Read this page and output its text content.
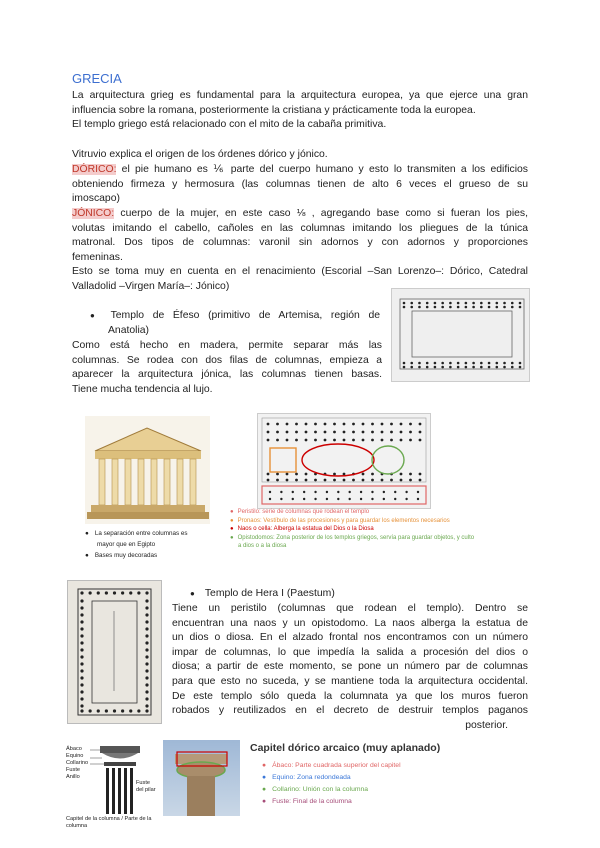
GRECIA
La arquitectura grieg es fundamental para la arquitectura europea, ya que ejerce una gran
influencia sobre la romana, posteriormente la cristiana y prácticamente toda la europea.
El templo griego está relacionado con el mito de la cabaña primitiva.
Vitruvio explica el origen de los órdenes dórico y jónico.
DÓRICO: el pie humano es ⅙ parte del cuerpo humano y esto lo transmiten a los edificios
obteniendo firmeza y hermosura (las columnas tienen de alto 6 veces el grueso de su
imoscapo)
JÓNICO: cuerpo de la mujer, en este caso ⅛ , agregando base como si fueran los pies,
volutas imitando el cabello, cañoles en las columnas imitando los pliegues de la túnica
matronal. Dos tipos de columnas: varonil sin adornos y con adornos y proporciones
femeninas.
Esto se toma muy en cuenta en el renacimiento (Escorial –San Lorenzo–: Dórico, Catedral
Valladolid –Virgen María–: Jónico)
● Templo de Éfeso (primitivo de Artemisa, región de
Anatolia)
Como está hecho en madera, permite separar más las
columnas. Se rodea con dos filas de columnas, empieza a
aparecer la arquitectura jónica, las columnas tienen basas.
Tiene mucha tendencia al lujo.
● La separación entre columnas es
mayor que en Egipto
● Bases muy decoradas
● Peristilo: serie de columnas que rodean el templo
● Pronaos: Vestíbulo de las procesiones y para guardar los elementos necesarios
● Naos o cella: Alberga la estatua del Dios o la Diosa
● Opistodomos: Zona posterior de los templos griegos, servía para guardar objetos, y culto
a dios o a la diosa
● Templo de Hera I (Paestum)
Tiene un peristilo (columnas que rodean el templo). Dentro se
encuentran una naos y un opistodomo. La naos alberga la estatua de
un dios o diosa. En el alzado frontal nos encontramos con un número
impar de columnas, lo que impedía la salida a procesión del dios o
diosa; a partir de este momento, se pone un número par de columnas
para que esto no suceda, y se mantiene toda la arquitectura occidental.
De este templo sólo queda la columnata ya que los muros fueron
robados y reutilizados en el decreto de destruir templos paganos
posterior.
Ábaco
Equino
Collarino
Fuste
Anillo
Fuste del pilar
Capitel de la columna / Parte de la columna
Capitel dórico arcaico (muy aplanado)
● Ábaco: Parte cuadrada superior del capitel
● Equino: Zona redondeada
● Collarino: Unión con la columna
● Fuste: Final de la columna
